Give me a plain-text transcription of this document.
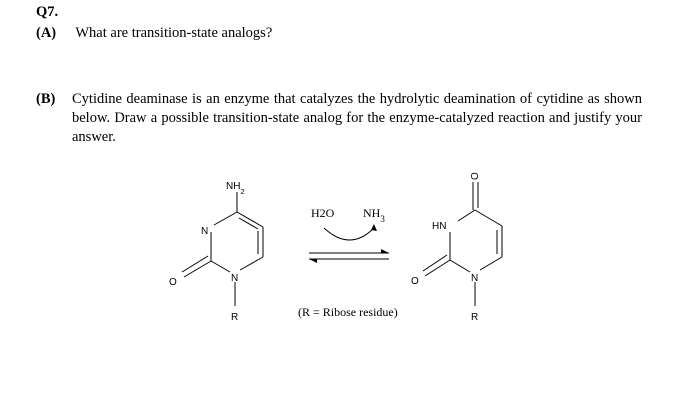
Q7.
(A) What are transition-state analogs?
(B) Cytidine deaminase is an enzyme that catalyzes the hydrolytic deamination of cytidine as shown below. Draw a possible transition-state analog for the enzyme-catalyzed reaction and justify your answer.
$NH_2$
N
N
O
R
H2O $NH_3$
(R = Ribose residue)
O
HN
N
O
R
